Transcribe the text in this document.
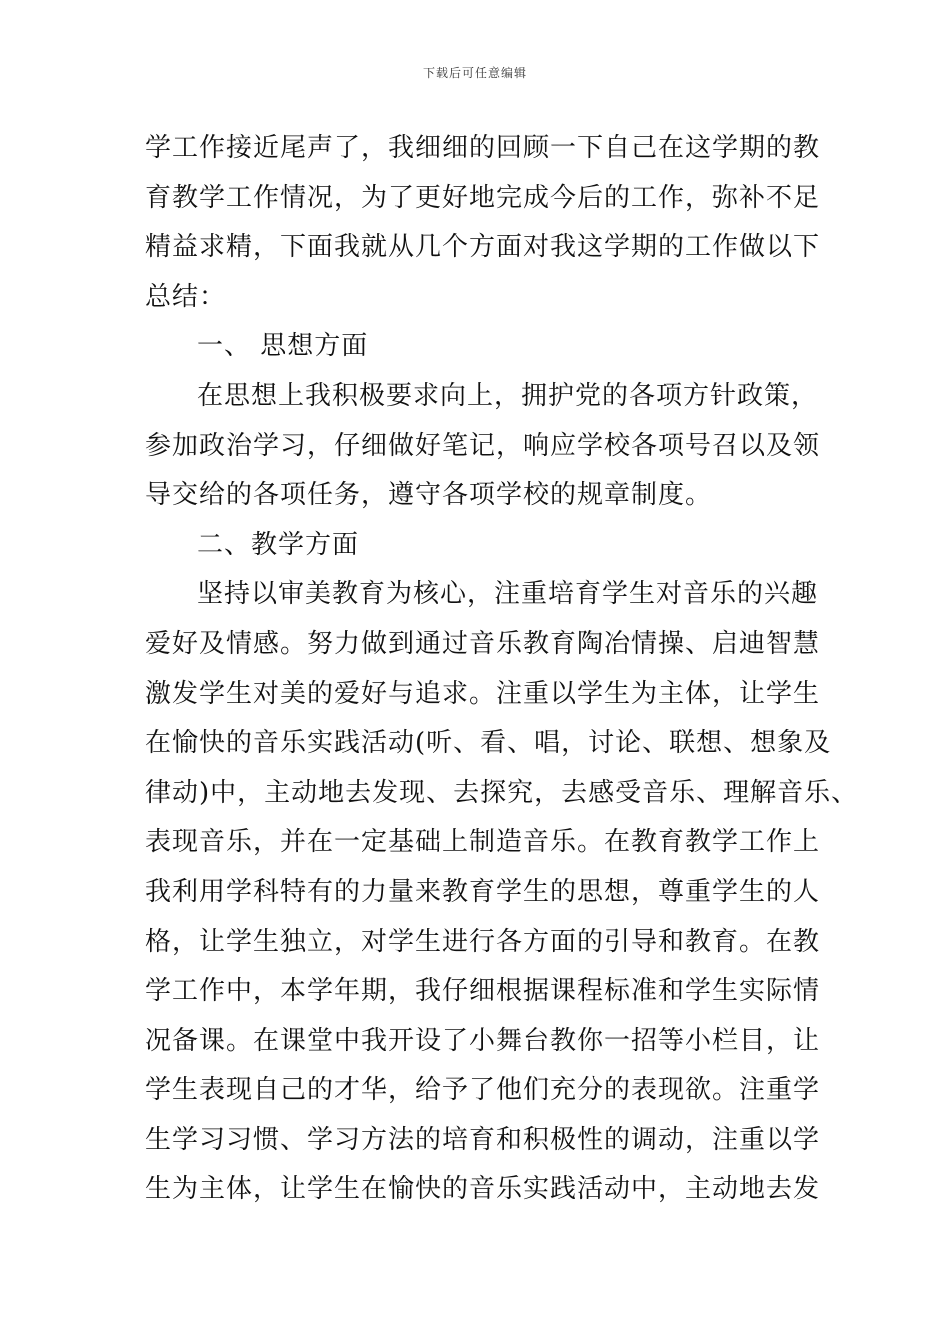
下载后可任意编辑
学工作接近尾声了，我细细的回顾一下自己在这学期的教
育教学工作情况，为了更好地完成今后的工作，弥补不足
精益求精，下面我就从几个方面对我这学期的工作做以下
总结：
一、 思想方面
在思想上我积极要求向上，拥护党的各项方针政策，
参加政治学习，仔细做好笔记，响应学校各项号召以及领
导交给的各项任务，遵守各项学校的规章制度。
二、教学方面
坚持以审美教育为核心，注重培育学生对音乐的兴趣
爱好及情感。努力做到通过音乐教育陶冶情操、启迪智慧
激发学生对美的爱好与追求。注重以学生为主体，让学生
在愉快的音乐实践活动(听、看、唱，讨论、联想、想象及
律动)中，主动地去发现、去探究，去感受音乐、理解音乐、
表现音乐，并在一定基础上制造音乐。在教育教学工作上
我利用学科特有的力量来教育学生的思想，尊重学生的人
格，让学生独立，对学生进行各方面的引导和教育。在教
学工作中，本学年期，我仔细根据课程标准和学生实际情
况备课。在课堂中我开设了小舞台教你一招等小栏目，让
学生表现自己的才华，给予了他们充分的表现欲。注重学
生学习习惯、学习方法的培育和积极性的调动，注重以学
生为主体，让学生在愉快的音乐实践活动中，主动地去发
